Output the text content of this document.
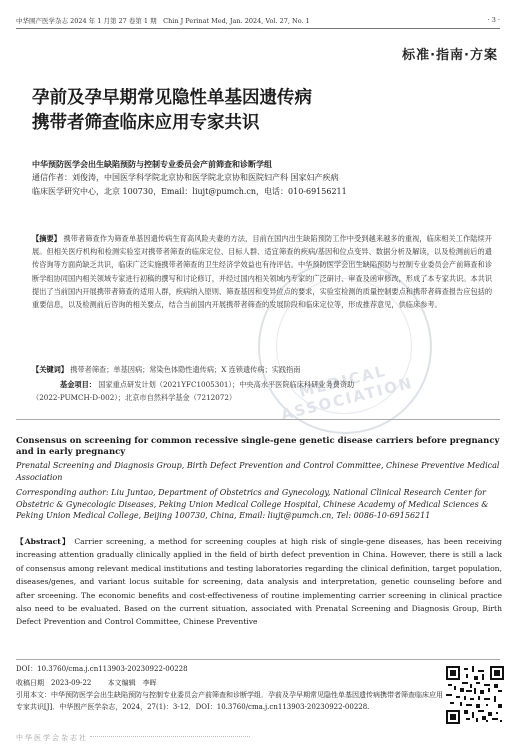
中华围产医学杂志 2024 年 1 月第 27 卷第 1 期　Chin J Perinat Med, Jan. 2024, Vol. 27, No. 1	· 3 ·
标准·指南·方案
孕前及孕早期常见隐性单基因遗传病
携带者筛查临床应用专家共识
中华预防医学会出生缺陷预防与控制专业委员会产前筛查和诊断学组
通信作者：刘俊涛，中国医学科学院北京协和医学院北京协和医院妇产科 国家妇产疾病
临床医学研究中心，北京 100730，Email：liujt@pumch.cn，电话：010-69156211
MEDICAL ASSOCIATION
【摘要】 携带者筛查作为筛查单基因遗传病生育高风险夫妻的方法，目前在国内出生缺陷预防工作中受到越来越多的重视，临床相关工作陆续开展。但相关医疗机构和检测实验室对携带者筛查的临床定位、目标人群、适宜筛查的疾病/基因和位点变异、数据分析及解读，以及检测前后的遗传咨询等方面尚缺乏共识，临床广泛实施携带者筛查的卫生经济学效益也有待评估。中华预防医学会出生缺陷预防与控制专业委员会产前筛查和诊断学组协同国内相关领域专家进行初稿的撰写和讨论修订，并经过国内相关领域内专家的广泛研讨、审查及函审修改，形成了本专家共识。本共识提出了当前国内开展携带者筛查的适用人群，疾病纳入原则、筛查基因和变异位点的要求，实验室检测的质量控制要点和携带者筛查报告应包括的重要信息，以及检测前后咨询的相关要点，结合当前国内开展携带者筛查的发展阶段和临床定位等，形成推荐意见，供临床参考。
【关键词】 携带者筛查；单基因病；常染色体隐性遗传病；X 连锁遗传病；实践指南
基金项目： 国家重点研发计划（2021YFC1005301）；中央高水平医院临床科研业务费资助
（2022-PUMCH-D-002）；北京市自然科学基金（7212072）
Consensus on screening for common recessive single-gene genetic disease carriers before pregnancy and in early pregnancy
Prenatal Screening and Diagnosis Group, Birth Defect Prevention and Control Committee, Chinese Preventive Medical Association
Corresponding author: Liu Juntao, Department of Obstetrics and Gynecology, National Clinical Research Center for Obstetric & Gynecologic Diseases, Peking Union Medical College Hospital, Chinese Academy of Medical Sciences & Peking Union Medical College, Beijing 100730, China, Email: liujt@pumch.cn, Tel: 0086-10-69156211
【Abstract】 Carrier screening, a method for screening couples at high risk of single-gene diseases, has been receiving increasing attention gradually clinically applied in the field of birth defect prevention in China. However, there is still a lack of consensus among relevant medical institutions and testing laboratories regarding the clinical definition, target population, diseases/genes, and variant locus suitable for screening, data analysis and interpretation, genetic counseling before and after srceening. The economic benefits and cost-effectiveness of routine implementing carrier screening in clinical practice also need to be evaluated. Based on the current situation, associated with Prenatal Screening and Diagnosis Group, Birth Defect Prevention and Control Committee, Chinese Preventive
DOI：10.3760/cma.j.cn113903-20230922-00228
收稿日期　2023-09-22 本文编辑　李晖
引用本文：中华预防医学会出生缺陷预防与控制专业委员会产前筛查和诊断学组．孕前及孕早期常见隐性单基因遗传病携带者筛查临床应用专家共识[J]．中华围产医学杂志，2024，27(1)：3-12．DOI：10.3760/cma.j.cn113903-20230922-00228.
中华医学会杂志社
